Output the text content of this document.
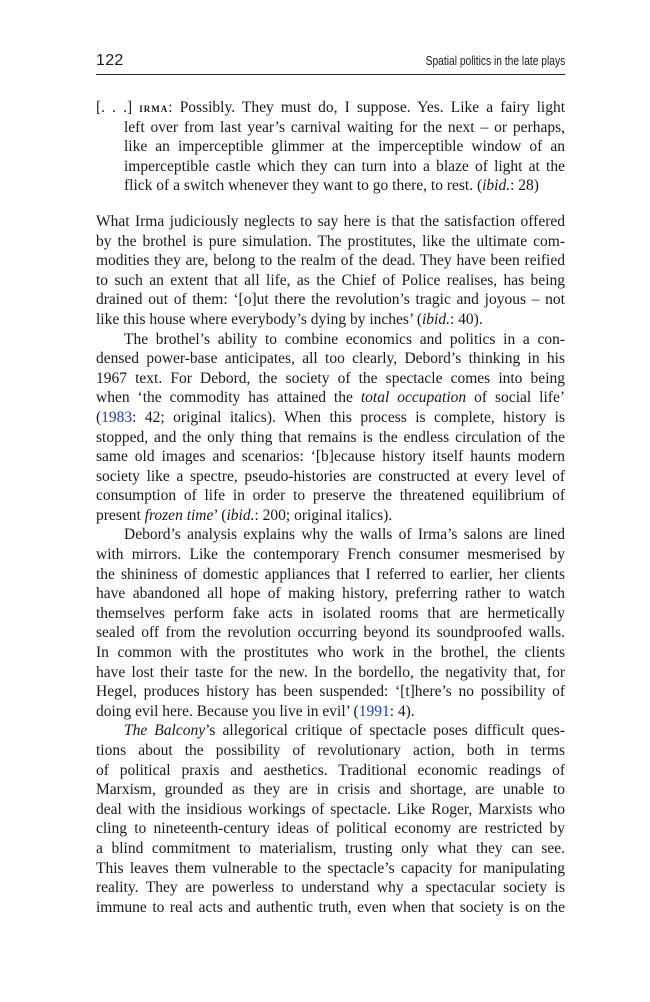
122	Spatial politics in the late plays
[. . .] irma: Possibly. They must do, I suppose. Yes. Like a fairy light
left over from last year’s carnival waiting for the next – or perhaps,
like an imperceptible glimmer at the imperceptible window of an
imperceptible castle which they can turn into a blaze of light at the
flick of a switch whenever they want to go there, to rest. (ibid.: 28)
What Irma judiciously neglects to say here is that the satisfaction offered
by the brothel is pure simulation. The prostitutes, like the ultimate com-
modities they are, belong to the realm of the dead. They have been reified
to such an extent that all life, as the Chief of Police realises, has being
drained out of them: ‘[o]ut there the revolution’s tragic and joyous – not
like this house where everybody’s dying by inches’ (ibid.: 40).
The brothel’s ability to combine economics and politics in a con-
densed power-base anticipates, all too clearly, Debord’s thinking in his
1967 text. For Debord, the society of the spectacle comes into being
when ‘the commodity has attained the total occupation of social life’
(1983: 42; original italics). When this process is complete, history is
stopped, and the only thing that remains is the endless circulation of the
same old images and scenarios: ‘[b]ecause history itself haunts modern
society like a spectre, pseudo-histories are constructed at every level of
consumption of life in order to preserve the threatened equilibrium of
present frozen time’ (ibid.: 200; original italics).
Debord’s analysis explains why the walls of Irma’s salons are lined
with mirrors. Like the contemporary French consumer mesmerised by
the shininess of domestic appliances that I referred to earlier, her clients
have abandoned all hope of making history, preferring rather to watch
themselves perform fake acts in isolated rooms that are hermetically
sealed off from the revolution occurring beyond its soundproofed walls.
In common with the prostitutes who work in the brothel, the clients
have lost their taste for the new. In the bordello, the negativity that, for
Hegel, produces history has been suspended: ‘[t]here’s no possibility of
doing evil here. Because you live in evil’ (1991: 4).
The Balcony’s allegorical critique of spectacle poses difficult ques-
tions about the possibility of revolutionary action, both in terms
of political praxis and aesthetics. Traditional economic readings of
Marxism, grounded as they are in crisis and shortage, are unable to
deal with the insidious workings of spectacle. Like Roger, Marxists who
cling to nineteenth-century ideas of political economy are restricted by
a blind commitment to materialism, trusting only what they can see.
This leaves them vulnerable to the spectacle’s capacity for manipulating
reality. They are powerless to understand why a spectacular society is
immune to real acts and authentic truth, even when that society is on the
